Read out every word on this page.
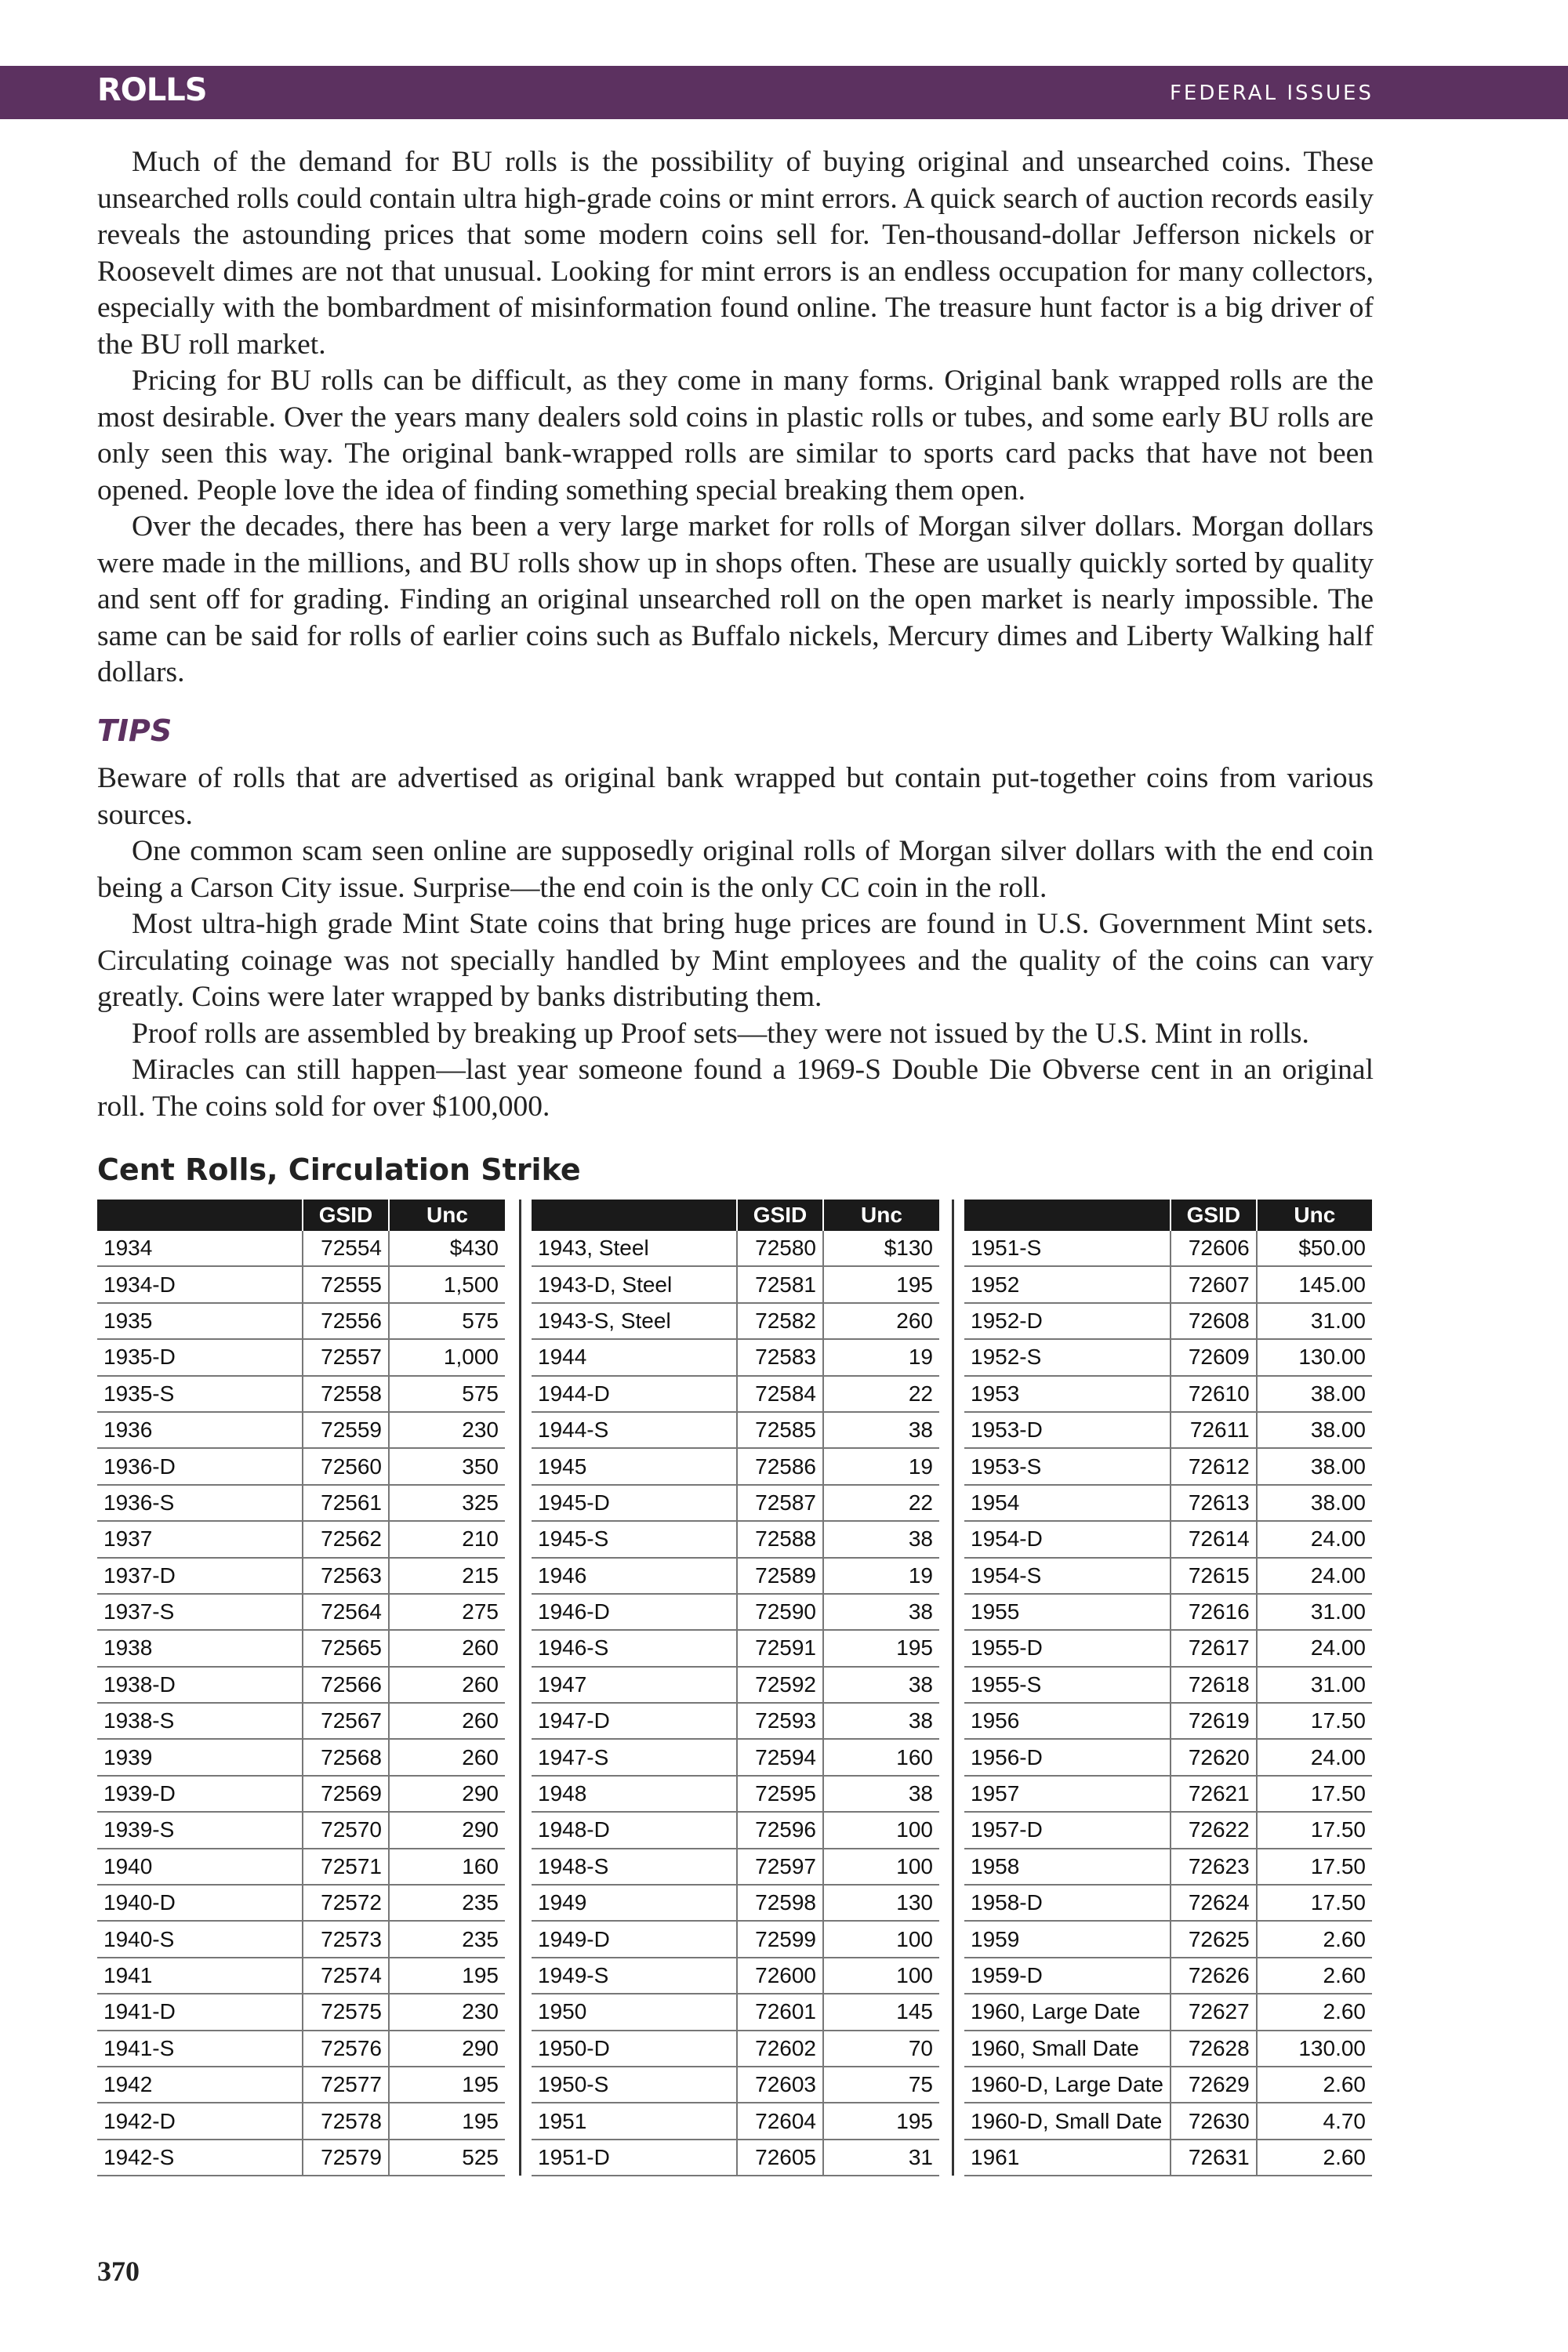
ROLLS	FEDERAL ISSUES

Much of the demand for BU rolls is the possibility of buying original and unsearched coins. These unsearched rolls could contain ultra high-grade coins or mint errors. A quick search of auction records easily reveals the astounding prices that some modern coins sell for. Ten-thousand-dollar Jefferson nickels or Roosevelt dimes are not that unusual. Looking for mint errors is an endless occupation for many collectors, especially with the bombardment of misinformation found online. The treasure hunt factor is a big driver of the BU roll market.

Pricing for BU rolls can be difficult, as they come in many forms. Original bank wrapped rolls are the most desirable. Over the years many dealers sold coins in plastic rolls or tubes, and some early BU rolls are only seen this way. The original bank-wrapped rolls are similar to sports card packs that have not been opened. People love the idea of finding something special breaking them open.

Over the decades, there has been a very large market for rolls of Morgan silver dollars. Morgan dollars were made in the millions, and BU rolls show up in shops often. These are usually quickly sorted by quality and sent off for grading. Finding an original unsearched roll on the open market is nearly impossible. The same can be said for rolls of earlier coins such as Buffalo nickels, Mercury dimes and Liberty Walking half dollars.

TIPS

Beware of rolls that are advertised as original bank wrapped but contain put-together coins from various sources.

One common scam seen online are supposedly original rolls of Morgan silver dollars with the end coin being a Carson City issue. Surprise—the end coin is the only CC coin in the roll.

Most ultra-high grade Mint State coins that bring huge prices are found in U.S. Government Mint sets. Circulating coinage was not specially handled by Mint employees and the quality of the coins can vary greatly. Coins were later wrapped by banks distributing them.

Proof rolls are assembled by breaking up Proof sets—they were not issued by the U.S. Mint in rolls.

Miracles can still happen—last year someone found a 1969-S Double Die Obverse cent in an original roll. The coins sold for over $100,000.

Cent Rolls, Circulation Strike
	GSID	Unc
1934	72554	$430
1934-D	72555	1,500
1935	72556	575
1935-D	72557	1,000
1935-S	72558	575
1936	72559	230
1936-D	72560	350
1936-S	72561	325
1937	72562	210
1937-D	72563	215
1937-S	72564	275
1938	72565	260
1938-D	72566	260
1938-S	72567	260
1939	72568	260
1939-D	72569	290
1939-S	72570	290
1940	72571	160
1940-D	72572	235
1940-S	72573	235
1941	72574	195
1941-D	72575	230
1941-S	72576	290
1942	72577	195
1942-D	72578	195
1942-S	72579	525
	GSID	Unc
1943, Steel	72580	$130
1943-D, Steel	72581	195
1943-S, Steel	72582	260
1944	72583	19
1944-D	72584	22
1944-S	72585	38
1945	72586	19
1945-D	72587	22
1945-S	72588	38
1946	72589	19
1946-D	72590	38
1946-S	72591	195
1947	72592	38
1947-D	72593	38
1947-S	72594	160
1948	72595	38
1948-D	72596	100
1948-S	72597	100
1949	72598	130
1949-D	72599	100
1949-S	72600	100
1950	72601	145
1950-D	72602	70
1950-S	72603	75
1951	72604	195
1951-D	72605	31
	GSID	Unc
1951-S	72606	$50.00
1952	72607	145.00
1952-D	72608	31.00
1952-S	72609	130.00
1953	72610	38.00
1953-D	72611	38.00
1953-S	72612	38.00
1954	72613	38.00
1954-D	72614	24.00
1954-S	72615	24.00
1955	72616	31.00
1955-D	72617	24.00
1955-S	72618	31.00
1956	72619	17.50
1956-D	72620	24.00
1957	72621	17.50
1957-D	72622	17.50
1958	72623	17.50
1958-D	72624	17.50
1959	72625	2.60
1959-D	72626	2.60
1960, Large Date	72627	2.60
1960, Small Date	72628	130.00
1960-D, Large Date	72629	2.60
1960-D, Small Date	72630	4.70
1961	72631	2.60
370
